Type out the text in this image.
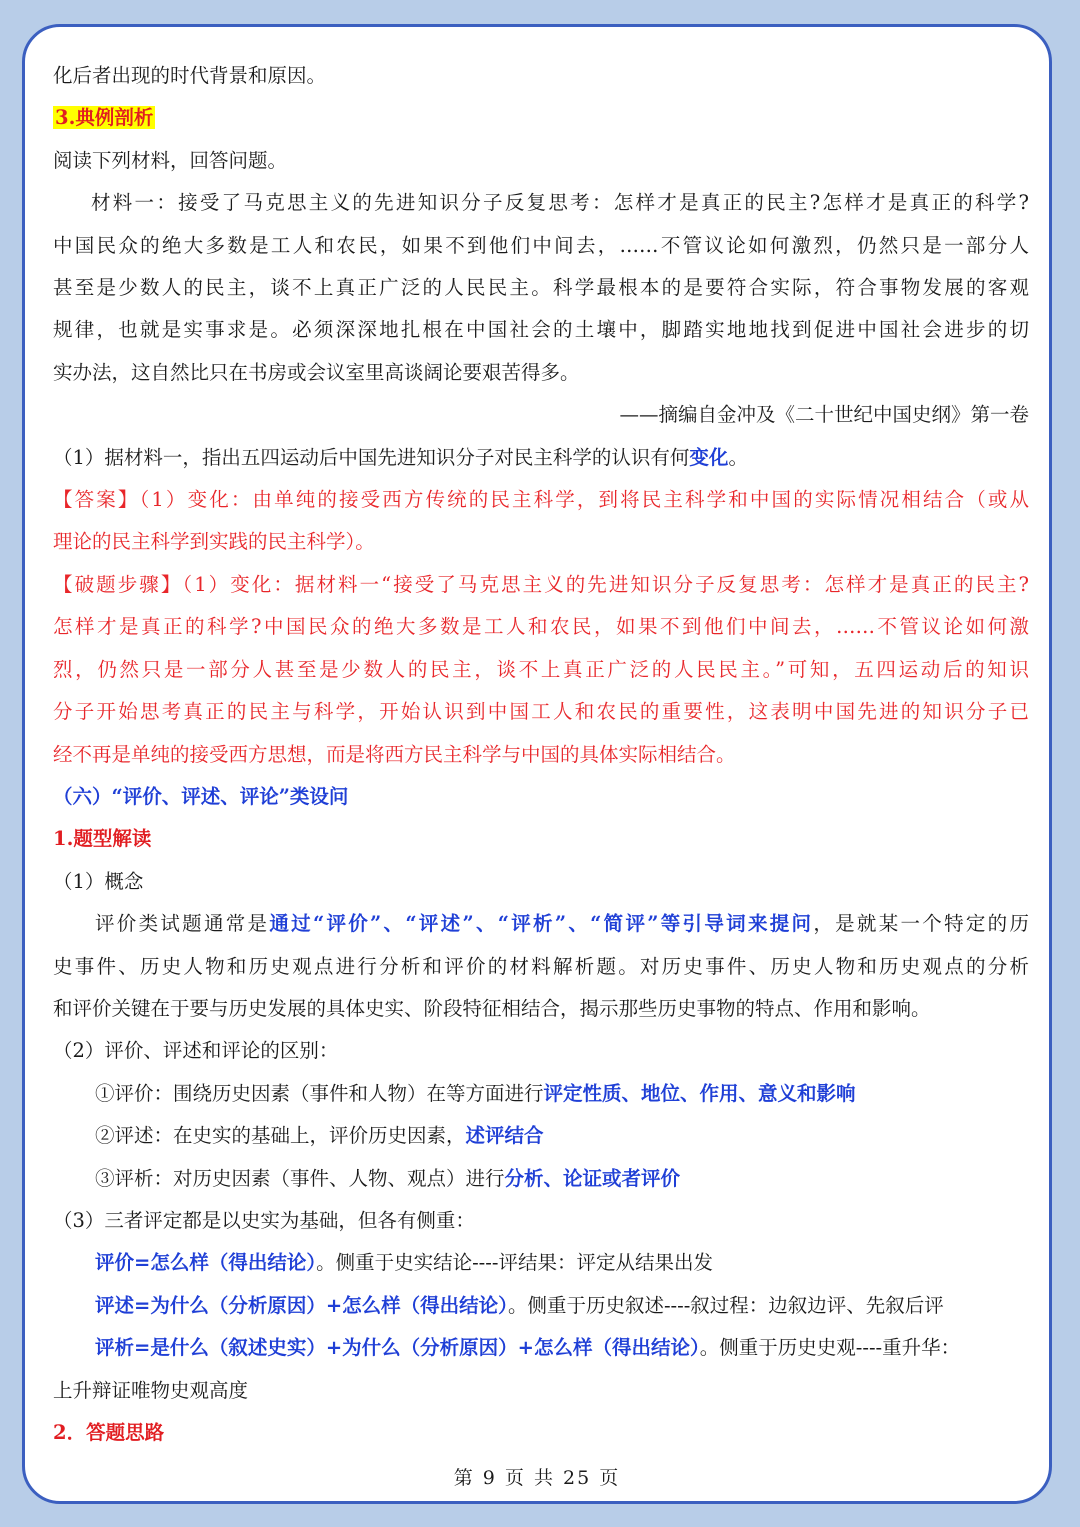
化后者出现的时代背景和原因。
3.典例剖析
阅读下列材料，回答问题。
材料一：接受了马克思主义的先进知识分子反复思考：怎样才是真正的民主?怎样才是真正的科学?
中国民众的绝大多数是工人和农民，如果不到他们中间去，……不管议论如何激烈，仍然只是一部分人
甚至是少数人的民主，谈不上真正广泛的人民民主。科学最根本的是要符合实际，符合事物发展的客观
规律，也就是实事求是。必须深深地扎根在中国社会的土壤中，脚踏实地地找到促进中国社会进步的切
实办法，这自然比只在书房或会议室里高谈阔论要艰苦得多。
——摘编自金冲及《二十世纪中国史纲》第一卷
（1）据材料一，指出五四运动后中国先进知识分子对民主科学的认识有何变化。
【答案】（1）变化：由单纯的接受西方传统的民主科学，到将民主科学和中国的实际情况相结合（或从
理论的民主科学到实践的民主科学）。
【破题步骤】（1）变化：据材料一“接受了马克思主义的先进知识分子反复思考：怎样才是真正的民主?
怎样才是真正的科学?中国民众的绝大多数是工人和农民，如果不到他们中间去，……不管议论如何激
烈，仍然只是一部分人甚至是少数人的民主，谈不上真正广泛的人民民主。”可知，五四运动后的知识
分子开始思考真正的民主与科学，开始认识到中国工人和农民的重要性，这表明中国先进的知识分子已
经不再是单纯的接受西方思想，而是将西方民主科学与中国的具体实际相结合。
（六）“评价、评述、评论”类设问
1.题型解读
（1）概念
评价类试题通常是通过“评价”、“评述”、“评析”、“简评”等引导词来提问，是就某一个特定的历
史事件、历史人物和历史观点进行分析和评价的材料解析题。对历史事件、历史人物和历史观点的分析
和评价关键在于要与历史发展的具体史实、阶段特征相结合，揭示那些历史事物的特点、作用和影响。
（2）评价、评述和评论的区别：
①评价：围绕历史因素（事件和人物）在等方面进行评定性质、地位、作用、意义和影响
②评述：在史实的基础上，评价历史因素，述评结合
③评析：对历史因素（事件、人物、观点）进行分析、论证或者评价
（3）三者评定都是以史实为基础，但各有侧重：
评价=怎么样（得出结论）。侧重于史实结论----评结果：评定从结果出发
评述=为什么（分析原因）+怎么样（得出结论）。侧重于历史叙述----叙过程：边叙边评、先叙后评
评析=是什么（叙述史实）+为什么（分析原因）+怎么样（得出结论）。侧重于历史史观----重升华：
上升辩证唯物史观高度
2．答题思路
第 9 页 共 25 页
